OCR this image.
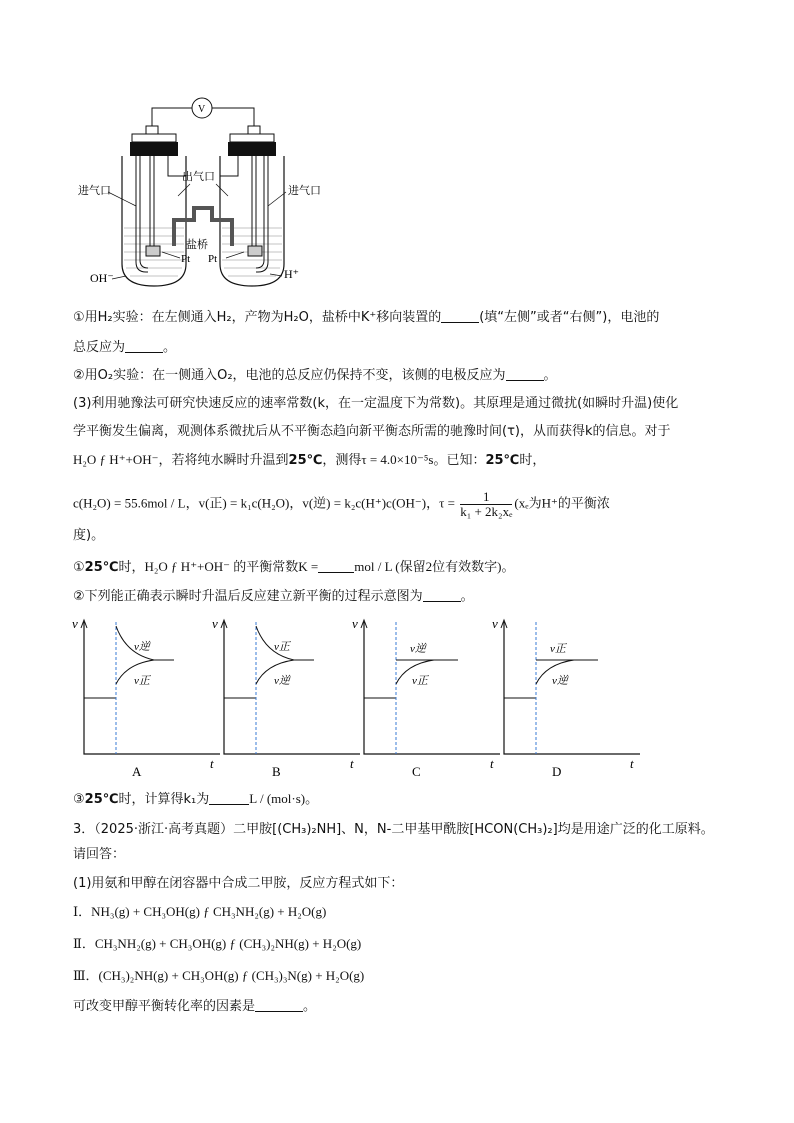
V
出气口
进气口	进气口
盐桥
Pt Pt
OH⁻	H⁺
①用H₂实验：在左侧通入H₂，产物为H₂O，盐桥中K⁺移向装置的	(填“左侧”或者“右侧”)，电池的
总反应为	。
②用O₂实验：在一侧通入O₂，电池的总反应仍保持不变，该侧的电极反应为	。
(3)利用驰豫法可研究快速反应的速率常数(k，在一定温度下为常数)。其原理是通过微扰(如瞬时升温)使化
学平衡发生偏离，观测体系微扰后从不平衡态趋向新平衡态所需的驰豫时间(τ)，从而获得k的信息。对于
H₂O ƒ H⁺+OH⁻，若将纯水瞬时升温到25℃，测得τ = 4.0×10⁻⁵s。已知：25℃时，
c(H₂O) = 55.6mol / L，v(正) = k₁c(H₂O)，v(逆) = k₂c(H⁺)c(OH⁻)，$\tau = \frac{1}{\text{k₁ + 2k₂xₑ}} (x_e$为H⁺的平衡浓
度)。
①25℃时，H₂O ƒ H⁺+OH⁻ 的平衡常数K =	mol / L (保留2位有效数字)。
②下列能正确表示瞬时升温后反应建立新平衡的过程示意图为	。
v
t
v逆
v正
A
v
t
v正
v逆
B
v
t
v逆
v正
C
v
t
v正
v逆
D
③25℃时，计算得k₁为	L / (mol·s)。
3．（2025·浙江·高考真题）二甲胺[(CH₃)₂NH]、N，N-二甲基甲酰胺[HCON(CH₃)₂]均是用途广泛的化工原料。
请回答：
(1)用氨和甲醇在闭容器中合成二甲胺，反应方程式如下：
Ⅰ．NH₃(g) + CH₃OH(g) ƒ CH₃NH₂(g) + H₂O(g)
Ⅱ．CH₃NH₂(g) + CH₃OH(g) ƒ (CH₃)₂NH(g) + H₂O(g)
Ⅲ．(CH₃)₂NH(g) + CH₃OH(g) ƒ (CH₃)₃N(g) + H₂O(g)
可改变甲醇平衡转化率的因素是	。
